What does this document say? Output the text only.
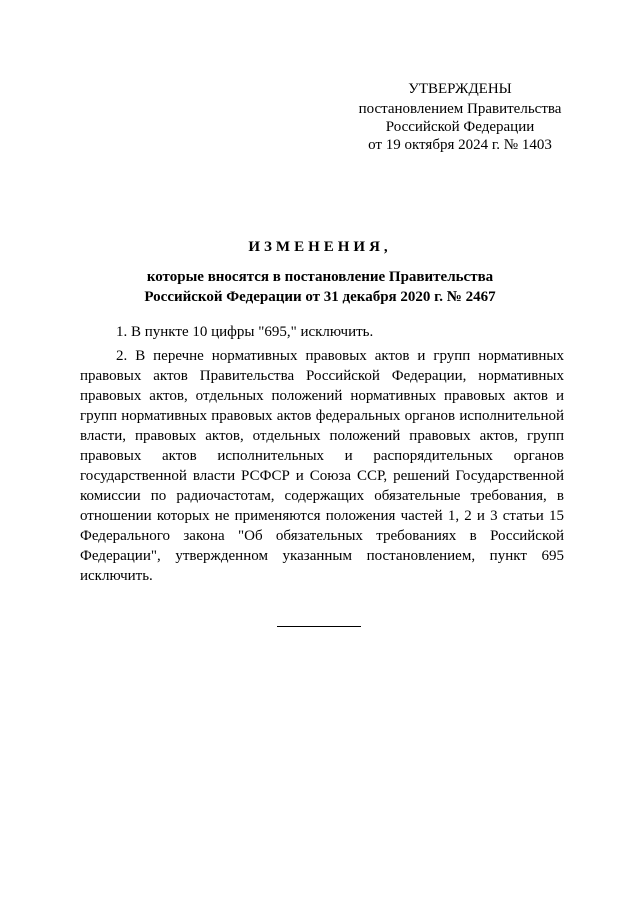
УТВЕРЖДЕНЫ
постановлением Правительства
Российской Федерации
от 19 октября 2024 г. № 1403
ИЗМЕНЕНИЯ,
которые вносятся в постановление Правительства
Российской Федерации от 31 декабря 2020 г. № 2467

1. В пункте 10 цифры "695," исключить.

2. В перечне нормативных правовых актов и групп нормативных правовых актов Правительства Российской Федерации, нормативных правовых актов, отдельных положений нормативных правовых актов и групп нормативных правовых актов федеральных органов исполнительной власти, правовых актов, отдельных положений правовых актов, групп правовых актов исполнительных и распорядительных органов государственной власти РСФСР и Союза ССР, решений Государственной комиссии по радиочастотам, содержащих обязательные требования, в отношении которых не применяются положения частей 1, 2 и 3 статьи 15 Федерального закона "Об обязательных требованиях в Российской Федерации", утвержденном указанным постановлением, пункт 695 исключить.
